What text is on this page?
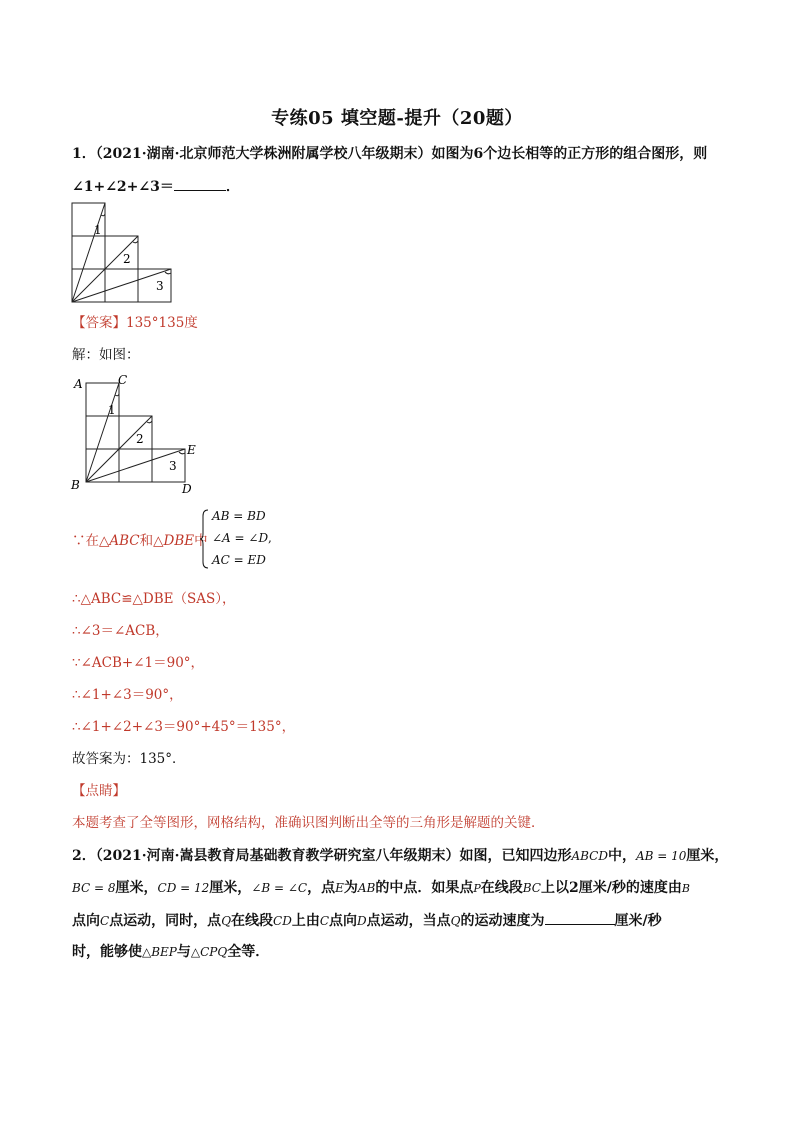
专练05 填空题-提升（20题）
1．（2021·湖南·北京师范大学株洲附属学校八年级期末）如图为6个边长相等的正方形的组合图形，则
∠1+∠2+∠3＝	．
1
2
3
【答案】135°135度
解：如图：
A	C
E
B	D
1
2
3
∵在△ABC和△DBE中
AB = BD
∠A = ∠D
AC = ED
,
∴△ABC≌△DBE（SAS），
∴∠3＝∠ACB，
∵∠ACB+∠1＝90°，
∴∠1+∠3＝90°，
∴∠1+∠2+∠3＝90°+45°＝135°，
故答案为：135°．
【点睛】
本题考查了全等图形，网格结构，准确识图判断出全等的三角形是解题的关键．
2．（2021·河南·嵩县教育局基础教育教学研究室八年级期末）如图，已知四边形ABCD中，AB = 10厘米，
BC = 8厘米，CD = 12厘米，∠B = ∠C，点E为AB的中点．如果点P在线段BC上以2厘米/秒的速度由B
点向C点运动，同时，点Q在线段CD上由C点向D点运动，当点Q的运动速度为	厘米/秒
时，能够使△BEP与△CPQ全等．
